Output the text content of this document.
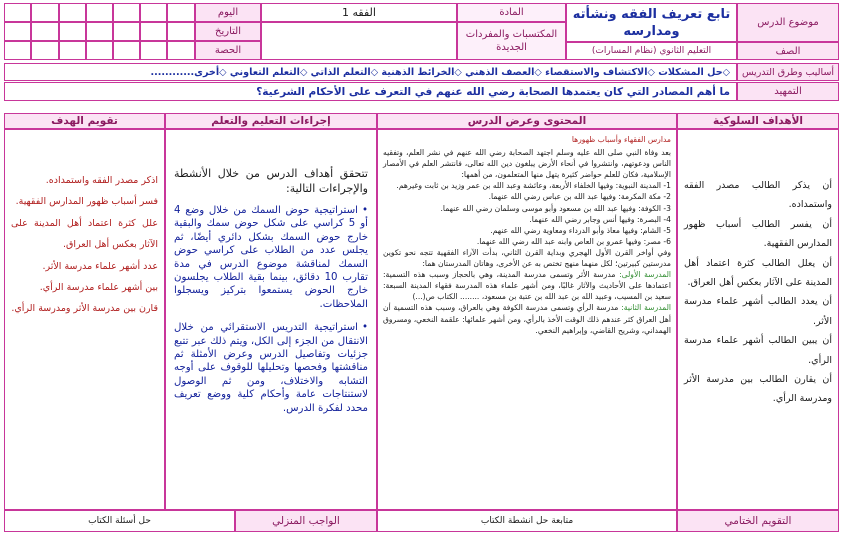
موضوع الدرس
تابع تعريف الفقه ونشأته ومدارسه
المادة
المكتسبات والمفردات الجديدة
الفقه 1
اليوم
التاريخ
الحصة	الصف
التعليم الثانوي (نظام المسارات)
أساليب وطرق التدريس
◇حل المشكلات ◇الاكتشاف والاستقصاء ◇العصف الذهني ◇الخرائط الذهنية ◇التعلم الذاتي ◇التعلم التعاوني ◇أخرى............
التمهيد
ما أهم المصادر التي كان يعتمدها الصحابة رضي الله عنهم في التعرف على الأحكام الشرعية؟
الأهداف السلوكية
المحتوى وعرض الدرس
إجراءات التعليم والتعلم
تقويم الهدف
أن يذكر الطالب مصدر الفقه واستمداده.
أن يفسر الطالب أسباب ظهور المدارس الفقهية.
أن يعلل الطالب كثرة اعتماد أهل المدينة على الآثار بعكس أهل العراق.
أن يعدد الطالب أشهر علماء مدرسة الأثر.
أن يبين الطالب أشهر علماء مدرسة الرأي.
أن يقارن الطالب بين مدرسة الأثر ومدرسة الرأي.

مدارس الفقهاء وأسباب ظهورها

بعد وفاة النبي صلى الله عليه وسلم اجتهد الصحابة رضي الله عنهم في نشر العلم، وتفقيه الناس ودعوتهم، وانتشروا في أنحاء الأرض يبلغون دين الله تعالى، فانتشر العلم في الأمصار الإسلامية، فكان للعلم حواضر كثيرة يتهل منها المتعلمون، من أهمها:

1- المدينة النبوية: وفيها الخلفاء الأربعة، وعائشة وعبد الله بن عمر وزيد بن ثابت وغيرهم.

2- مكة المكرمة: وفيها عبد الله بن عباس رضي الله عنهما.

3- الكوفة: وفيها عبد الله بن مسعود وأبو موسى وسلمان رضي الله عنهما.

4- البصرة: وفيها أنس وجابر رضي الله عنهما.

5- الشام: وفيها معاذ وأبو الدرداء ومعاوية رضي الله عنهم.

6- مصر: وفيها عمرو بن العاص وابنه عبد الله رضي الله عنهما.

وفي أواخر القرن الأول الهجري وبداية القرن الثاني، بدأت الآراء الفقهية تتجه نحو تكوين مدرستين كبيرتين؛ لكل منهما منهج تختص به عن الأخرى، وهاتان المدرستان هما:

المدرسة الأولى: مدرسة الأثر وتسمى مدرسة المدينة، وهي بالحجاز وسبب هذه التسمية: اعتمادها على الأحاديث والآثار غالبًا، ومن أشهر علماء هذه المدرسة فقهاء المدينة السبعة: سعيد بن المسيب، وعبيد الله بن عبد الله بن عتبة بن مسعود، ........ الكتاب ص(...)

المدرسة الثانية: مدرسة الرأي وتسمى مدرسة الكوفة وهي بالعراق، وسبب هذه التسمية أن أهل العراق كثر عندهم ذلك الوقت الأخذ بالرأي، ومن أشهر علمائها: علقمة النخعي، ومسروق الهمداني، وشريح القاضي، وإبراهيم النخعي.

تتحقق أهداف الدرس من خلال الأنشطة والإجراءات التالية:

• استراتيجية حوض السمك من خلال وضع 4 أو 5 كراسي على شكل حوض سمك والبقية خارج حوض السمك بشكل دائري أيضًا، ثم يجلس عدد من الطلاب على كراسي حوض السمك لمناقشة موضوع الدرس في مدة تقارب 10 دقائق، بينما بقية الطلاب يجلسون خارج الحوض يستمعوا بتركيز ويسجلوا الملاحظات.

• استراتيجية التدريس الاستقرائي من خلال الانتقال من الجزء إلى الكل، ويتم ذلك عبر تتبع جزئيات وتفاصيل الدرس وعرض الأمثلة ثم مناقشتها وفحصها وتحليلها للوقوف على أوجه التشابه والاختلاف، ومن ثم الوصول لاستنتاجات عامة وأحكام كلية ووضع تعريف محدد لفكرة الدرس.

اذكر مصدر الفقه واستمداده.
فسر أسباب ظهور المدارس الفقهية.
علل كثرة اعتماد أهل المدينة على الآثار بعكس أهل العراق.
عدد أشهر علماء مدرسة الأثر.
بين أشهر علماء مدرسة الرأي.
قارن بين مدرسة الأثر ومدرسة الرأي.
التقويم الختامي
متابعة حل انشطة الكتاب
الواجب المنزلي
حل أسئلة الكتاب
